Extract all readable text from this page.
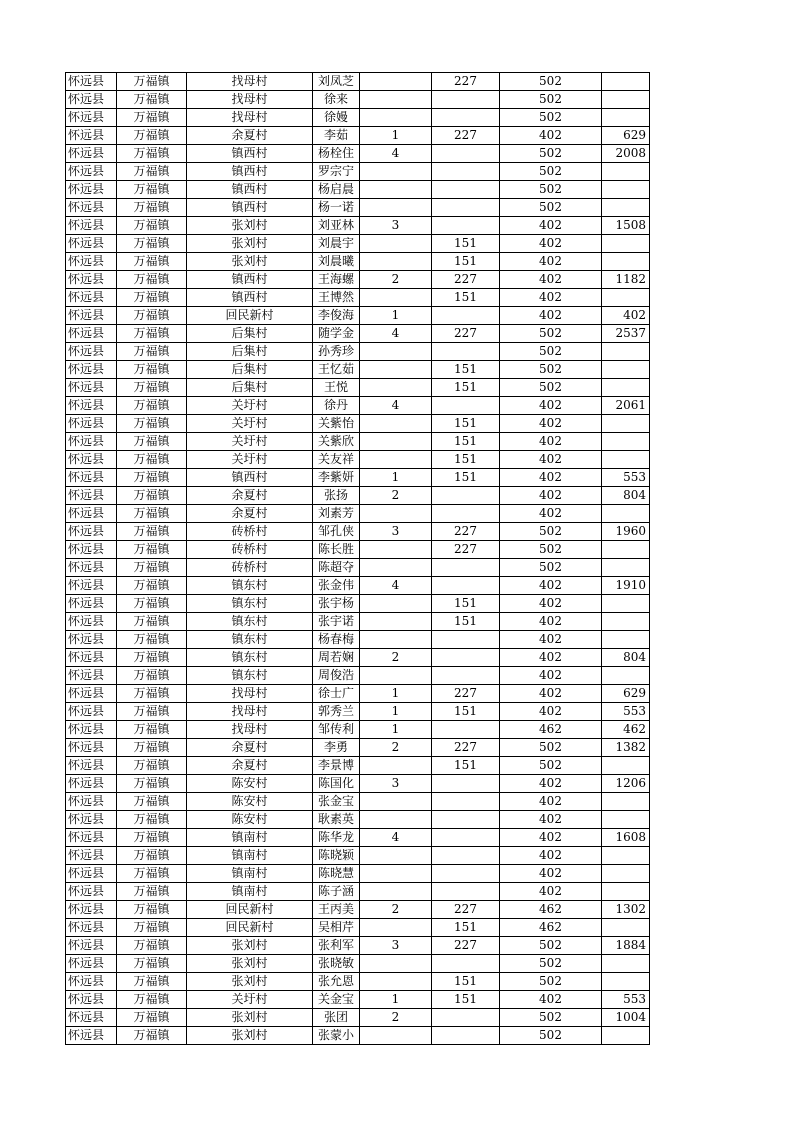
怀远县	万福镇	找母村	刘凤芝		227	502	
怀远县	万福镇	找母村	徐来			502	
怀远县	万福镇	找母村	徐嫚			502	
怀远县	万福镇	余夏村	李茹	1	227	402	629
怀远县	万福镇	镇西村	杨栓住	4		502	2008
怀远县	万福镇	镇西村	罗宗宁			502	
怀远县	万福镇	镇西村	杨启晨			502	
怀远县	万福镇	镇西村	杨一诺			502	
怀远县	万福镇	张刘村	刘亚林	3		402	1508
怀远县	万福镇	张刘村	刘晨宇		151	402	
怀远县	万福镇	张刘村	刘晨曦		151	402	
怀远县	万福镇	镇西村	王海螺	2	227	402	1182
怀远县	万福镇	镇西村	王博然		151	402	
怀远县	万福镇	回民新村	李俊海	1		402	402
怀远县	万福镇	后集村	随学金	4	227	502	2537
怀远县	万福镇	后集村	孙秀珍			502	
怀远县	万福镇	后集村	王忆茹		151	502	
怀远县	万福镇	后集村	王悦		151	502	
怀远县	万福镇	关圩村	徐丹	4		402	2061
怀远县	万福镇	关圩村	关紫怡		151	402	
怀远县	万福镇	关圩村	关紫欣		151	402	
怀远县	万福镇	关圩村	关友祥		151	402	
怀远县	万福镇	镇西村	李紫妍	1	151	402	553
怀远县	万福镇	余夏村	张扬	2		402	804
怀远县	万福镇	余夏村	刘素芳			402	
怀远县	万福镇	砖桥村	邹孔侠	3	227	502	1960
怀远县	万福镇	砖桥村	陈长胜		227	502	
怀远县	万福镇	砖桥村	陈超夺			502	
怀远县	万福镇	镇东村	张金伟	4		402	1910
怀远县	万福镇	镇东村	张宇杨		151	402	
怀远县	万福镇	镇东村	张宇诺		151	402	
怀远县	万福镇	镇东村	杨春梅			402	
怀远县	万福镇	镇东村	周若娴	2		402	804
怀远县	万福镇	镇东村	周俊浩			402	
怀远县	万福镇	找母村	徐士广	1	227	402	629
怀远县	万福镇	找母村	郭秀兰	1	151	402	553
怀远县	万福镇	找母村	邹传利	1		462	462
怀远县	万福镇	余夏村	李勇	2	227	502	1382
怀远县	万福镇	余夏村	李景博		151	502	
怀远县	万福镇	陈安村	陈国化	3		402	1206
怀远县	万福镇	陈安村	张金宝			402	
怀远县	万福镇	陈安村	耿素英			402	
怀远县	万福镇	镇南村	陈华龙	4		402	1608
怀远县	万福镇	镇南村	陈晓颖			402	
怀远县	万福镇	镇南村	陈晓慧			402	
怀远县	万福镇	镇南村	陈子涵			402	
怀远县	万福镇	回民新村	王丙美	2	227	462	1302
怀远县	万福镇	回民新村	吴相芹		151	462	
怀远县	万福镇	张刘村	张利军	3	227	502	1884
怀远县	万福镇	张刘村	张晓敏			502	
怀远县	万福镇	张刘村	张允恩		151	502	
怀远县	万福镇	关圩村	关金宝	1	151	402	553
怀远县	万福镇	张刘村	张团	2		502	1004
怀远县	万福镇	张刘村	张蒙小			502	
